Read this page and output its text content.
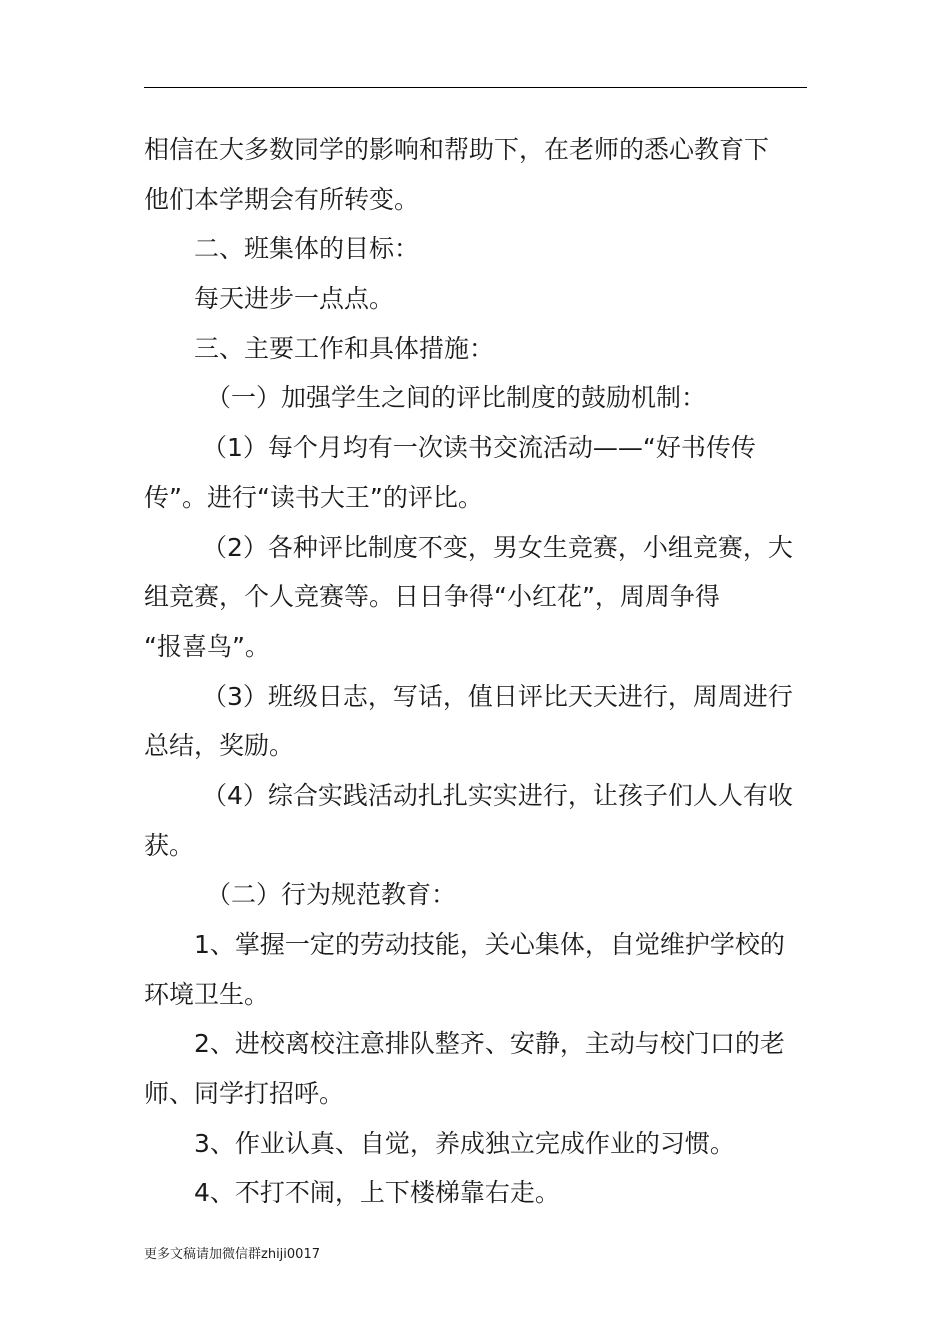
相信在大多数同学的影响和帮助下，在老师的悉心教育下
他们本学期会有所转变。
二、班集体的目标：
每天进步一点点。
三、主要工作和具体措施：
（一）加强学生之间的评比制度的鼓励机制：
（1）每个月均有一次读书交流活动——“好书传传
传”。进行“读书大王”的评比。
（2）各种评比制度不变，男女生竞赛，小组竞赛，大
组竞赛，个人竞赛等。日日争得“小红花”，周周争得
“报喜鸟”。
（3）班级日志，写话，值日评比天天进行，周周进行
总结，奖励。
（4）综合实践活动扎扎实实进行，让孩子们人人有收
获。
（二）行为规范教育：
1、掌握一定的劳动技能，关心集体，自觉维护学校的
环境卫生。
2、进校离校注意排队整齐、安静，主动与校门口的老
师、同学打招呼。
3、作业认真、自觉，养成独立完成作业的习惯。
4、不打不闹，上下楼梯靠右走。
更多文稿请加微信群zhiji0017
